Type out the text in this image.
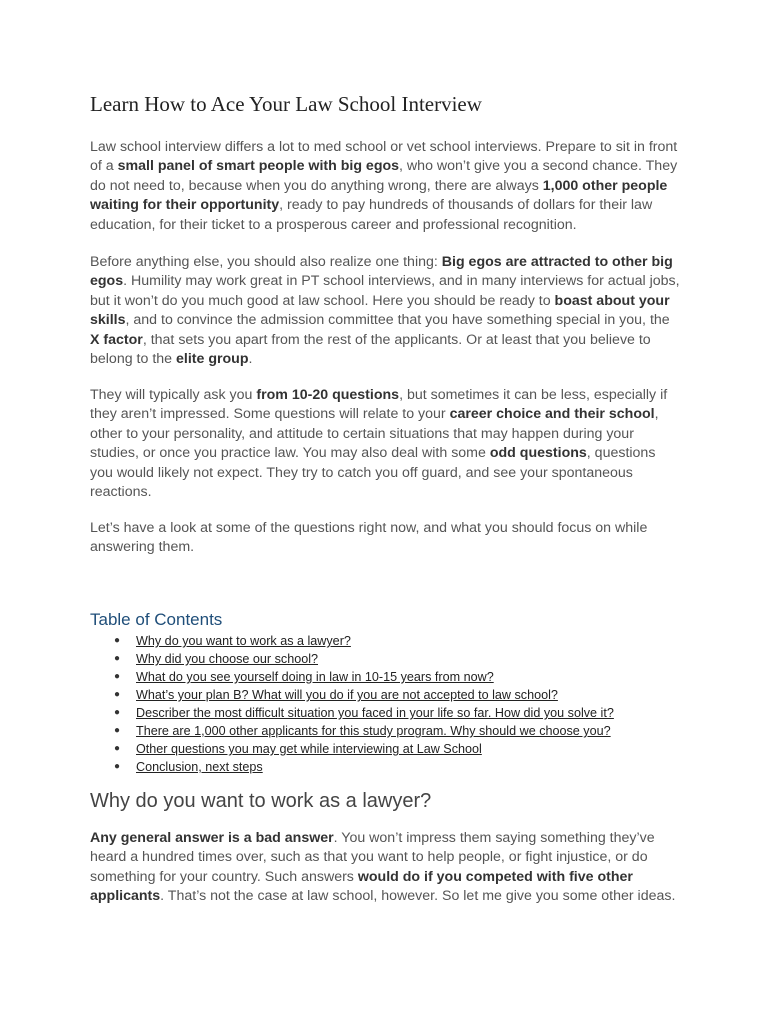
Learn How to Ace Your Law School Interview

Law school interview differs a lot to med school or vet school interviews. Prepare to sit in front of a small panel of smart people with big egos, who won’t give you a second chance. They do not need to, because when you do anything wrong, there are always 1,000 other people waiting for their opportunity, ready to pay hundreds of thousands of dollars for their law education, for their ticket to a prosperous career and professional recognition.

Before anything else, you should also realize one thing: Big egos are attracted to other big egos. Humility may work great in PT school interviews, and in many interviews for actual jobs, but it won’t do you much good at law school. Here you should be ready to boast about your skills, and to convince the admission committee that you have something special in you, the X factor, that sets you apart from the rest of the applicants. Or at least that you believe to belong to the elite group.

They will typically ask you from 10-20 questions, but sometimes it can be less, especially if they aren’t impressed. Some questions will relate to your career choice and their school, other to your personality, and attitude to certain situations that may happen during your studies, or once you practice law. You may also deal with some odd questions, questions you would likely not expect. They try to catch you off guard, and see your spontaneous reactions.

Let’s have a look at some of the questions right now, and what you should focus on while answering them.

Table of Contents
● Why do you want to work as a lawyer?
● Why did you choose our school?
● What do you see yourself doing in law in 10-15 years from now?
● What’s your plan B? What will you do if you are not accepted to law school?
● Describer the most difficult situation you faced in your life so far. How did you solve it?
● There are 1,000 other applicants for this study program. Why should we choose you?
● Other questions you may get while interviewing at Law School
● Conclusion, next steps
Why do you want to work as a lawyer?

Any general answer is a bad answer. You won’t impress them saying something they’ve heard a hundred times over, such as that you want to help people, or fight injustice, or do something for your country. Such answers would do if you competed with five other applicants. That’s not the case at law school, however. So let me give you some other ideas.
